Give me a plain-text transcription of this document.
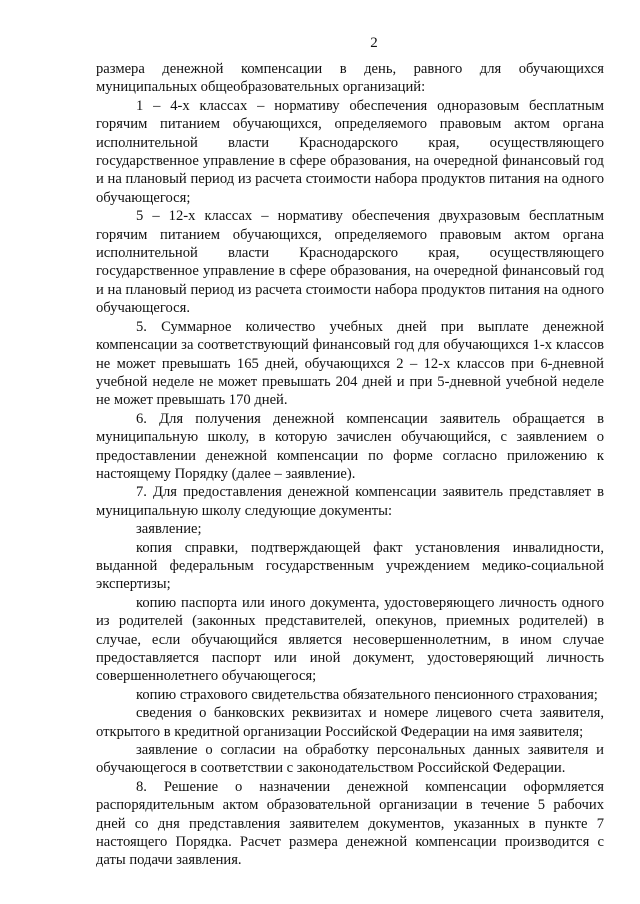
2

размера денежной компенсации в день, равного для обучающихся муниципальных общеобразовательных организаций:

1 – 4-х классах – нормативу обеспечения одноразовым бесплатным горячим питанием обучающихся, определяемого правовым актом органа исполнительной власти Краснодарского края, осуществляющего государственное управление в сфере образования, на очередной финансовый год и на плановый период из расчета стоимости набора продуктов питания на одного обучающегося;

5 – 12-х классах – нормативу обеспечения двухразовым бесплатным горячим питанием обучающихся, определяемого правовым актом органа исполнительной власти Краснодарского края, осуществляющего государственное управление в сфере образования, на очередной финансовый год и на плановый период из расчета стоимости набора продуктов питания на одного обучающегося.

5. Суммарное количество учебных дней при выплате денежной компенсации за соответствующий финансовый год для обучающихся 1-х классов не может превышать 165 дней, обучающихся 2 – 12-х классов при 6-дневной учебной неделе не может превышать 204 дней и при 5-дневной учебной неделе не может превышать 170 дней.

6. Для получения денежной компенсации заявитель обращается в муниципальную школу, в которую зачислен обучающийся, с заявлением о предоставлении денежной компенсации по форме согласно приложению к настоящему Порядку (далее – заявление).

7. Для предоставления денежной компенсации заявитель представляет в муниципальную школу следующие документы:

заявление;

копия справки, подтверждающей факт установления инвалидности, выданной федеральным государственным учреждением медико-социальной экспертизы;

копию паспорта или иного документа, удостоверяющего личность одного из родителей (законных представителей, опекунов, приемных родителей) в случае, если обучающийся является несовершеннолетним, в ином случае предоставляется паспорт или иной документ, удостоверяющий личность совершеннолетнего обучающегося;

копию страхового свидетельства обязательного пенсионного страхования;

сведения о банковских реквизитах и номере лицевого счета заявителя, открытого в кредитной организации Российской Федерации на имя заявителя;

заявление о согласии на обработку персональных данных заявителя и обучающегося в соответствии с законодательством Российской Федерации.

8. Решение о назначении денежной компенсации оформляется распорядительным актом образовательной организации в течение 5 рабочих дней со дня представления заявителем документов, указанных в пункте 7 настоящего Порядка. Расчет размера денежной компенсации производится с даты подачи заявления.
